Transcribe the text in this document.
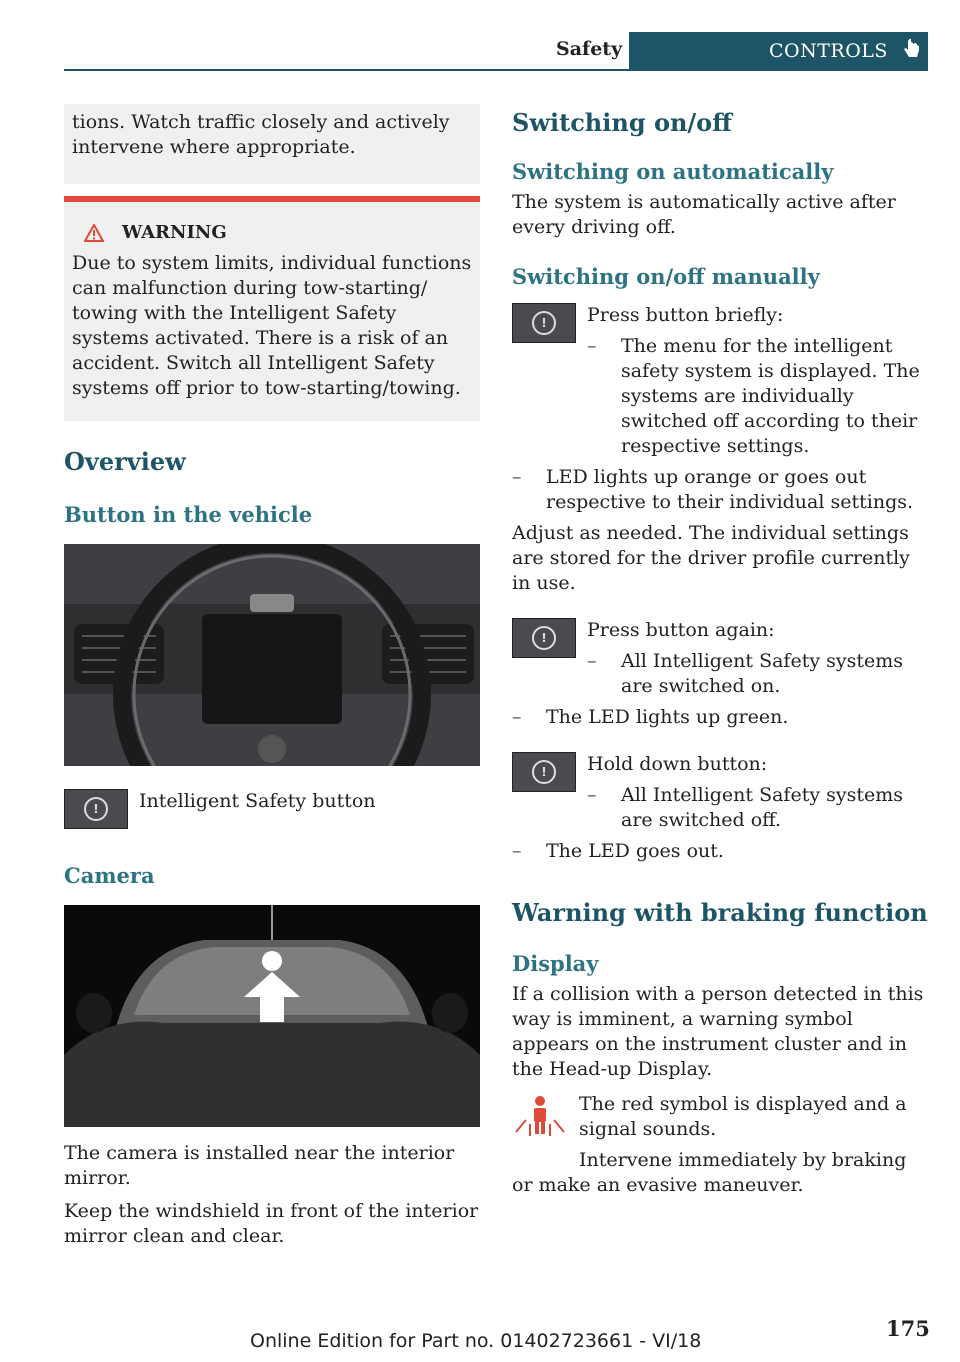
Safety	CONTROLS
tions. Watch traffic closely and actively intervene where appropriate.
WARNING

Due to system limits, individual functions can malfunction during tow-starting/ towing with the Intelligent Safety systems activated. There is a risk of an accident. Switch all Intelligent Safety systems off prior to tow-starting/towing.

Overview
Button in the vehicle
! Intelligent Safety button

Camera

The camera is installed near the interior mirror.

Keep the windshield in front of the interior mirror clean and clear.

Switching on/off
Switching on automatically

The system is automatically active after every driving off.

Switching on/off manually
! Press button briefly:

– The menu for the intelligent safety system is displayed. The systems are individually switched off according to their respective settings.
– LED lights up orange or goes out respective to their individual settings.

Adjust as needed. The individual settings are stored for the driver profile currently in use.

! Press button again:

– All Intelligent Safety systems are switched on.
– The LED lights up green.
! Hold down button:

– All Intelligent Safety systems are switched off.
– The LED goes out.
Warning with braking function
Display

If a collision with a person detected in this way is imminent, a warning symbol appears on the instrument cluster and in the Head-up Display.

The red symbol is displayed and a signal sounds.

Intervene immediately by braking or make an evasive maneuver.

Online Edition for Part no. 01402723661 - VI/18	175
